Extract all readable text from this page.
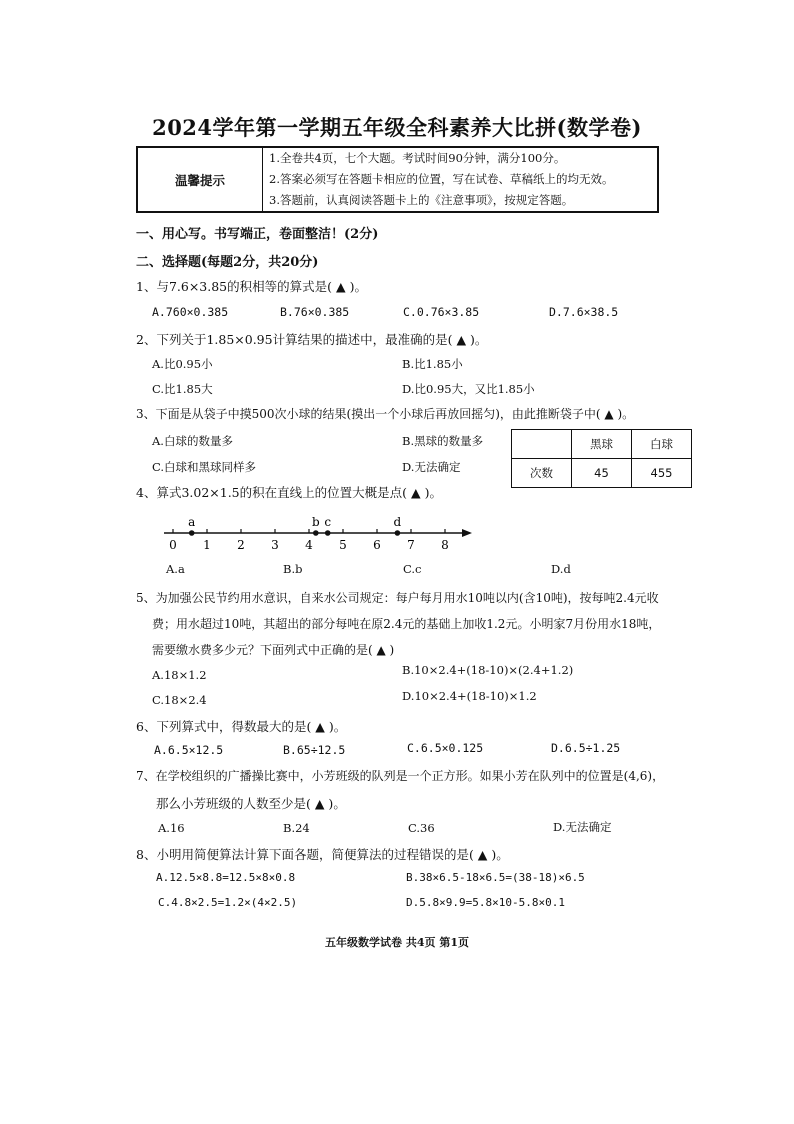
2024学年第一学期五年级全科素养大比拼(数学卷)
温馨提示	
1.全卷共4页，七个大题。考试时间90分钟，满分100分。
2.答案必须写在答题卡相应的位置，写在试卷、草稿纸上的均无效。
3.答题前，认真阅读答题卡上的《注意事项》，按规定答题。
一、用心写。书写端正，卷面整洁！(2分)
二、选择题(每题2分，共20分)
1、与7.6×3.85的积相等的算式是( ▲ )。
A.760×0.385	B.76×0.385	C.0.76×3.85	D.7.6×38.5
2、下列关于1.85×0.95计算结果的描述中，最准确的是( ▲ )。
A.比0.95小	B.比1.85小
C.比1.85大	D.比0.95大，又比1.85小
3、下面是从袋子中摸500次小球的结果(摸出一个小球后再放回摇匀)，由此推断袋子中( ▲ )。
A.白球的数量多	B.黑球的数量多
C.白球和黑球同样多	D.无法确定
	黑球	白球
次数	45	455
4、算式3.02×1.5的积在直线上的位置大概是点( ▲ )。
0 1 2 3 4 5 6 7 8
a	b c	d
A.a	B.b	C.c	D.d
5、为加强公民节约用水意识，自来水公司规定：每户每月用水10吨以内(含10吨)，按每吨2.4元收
费；用水超过10吨，其超出的部分每吨在原2.4元的基础上加收1.2元。小明家7月份用水18吨，
需要缴水费多少元？下面列式中正确的是( ▲ )
A.18×1.2	B.10×2.4+(18-10)×(2.4+1.2)
C.18×2.4	D.10×2.4+(18-10)×1.2
6、下列算式中，得数最大的是( ▲ )。
A.6.5×12.5	B.65÷12.5	C.6.5×0.125	D.6.5÷1.25
7、在学校组织的广播操比赛中，小芳班级的队列是一个正方形。如果小芳在队列中的位置是(4,6)，
那么小芳班级的人数至少是( ▲ )。
A.16	B.24	C.36	D.无法确定
8、小明用简便算法计算下面各题，简便算法的过程错误的是( ▲ )。
A.12.5×8.8=12.5×8×0.8	B.38×6.5-18×6.5=(38-18)×6.5
C.4.8×2.5=1.2×(4×2.5)	D.5.8×9.9=5.8×10-5.8×0.1
五年级数学试卷 共4页 第1页
